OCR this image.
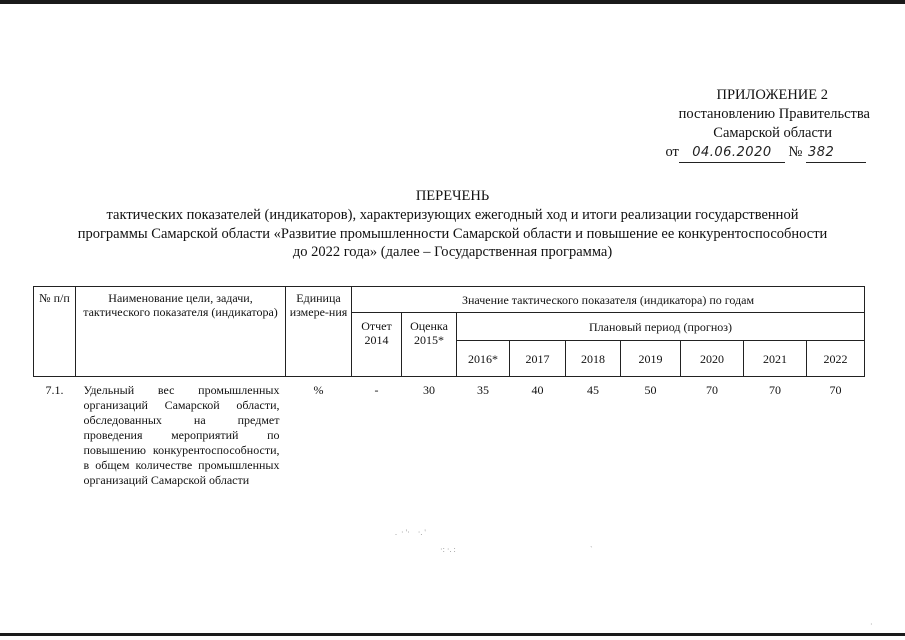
ПРИЛОЖЕНИЕ 2
постановлению Правительства
Самарской области
от 04.06.2020 № 382
ПЕРЕЧЕНЬ
тактических показателей (индикаторов), характеризующих ежегодный ход и итоги реализации государственной
программы Самарской области «Развитие промышленности Самарской области и повышение ее конкурентоспособности
до 2022 года» (далее – Государственная программа)
№ п/п	Наименование цели, задачи, тактического показателя (индикатора)	Единица измере-ния	Значение тактического показателя (индикатора) по годам								
			Отчет 2014	Оценка 2015*	Плановый период (прогноз)						
					2016*	2017	2018	2019	2020	2021	2022
7.1.	Удельный вес промышленных организаций Самарской области, обследованных на предмет проведения мероприятий по повышению конкурентоспособности, в общем количестве промышленных организаций Самарской области	%	-	30	35	40	45	50	70	70	70
.  · '·    ·. '
·: ·. :	`
·
